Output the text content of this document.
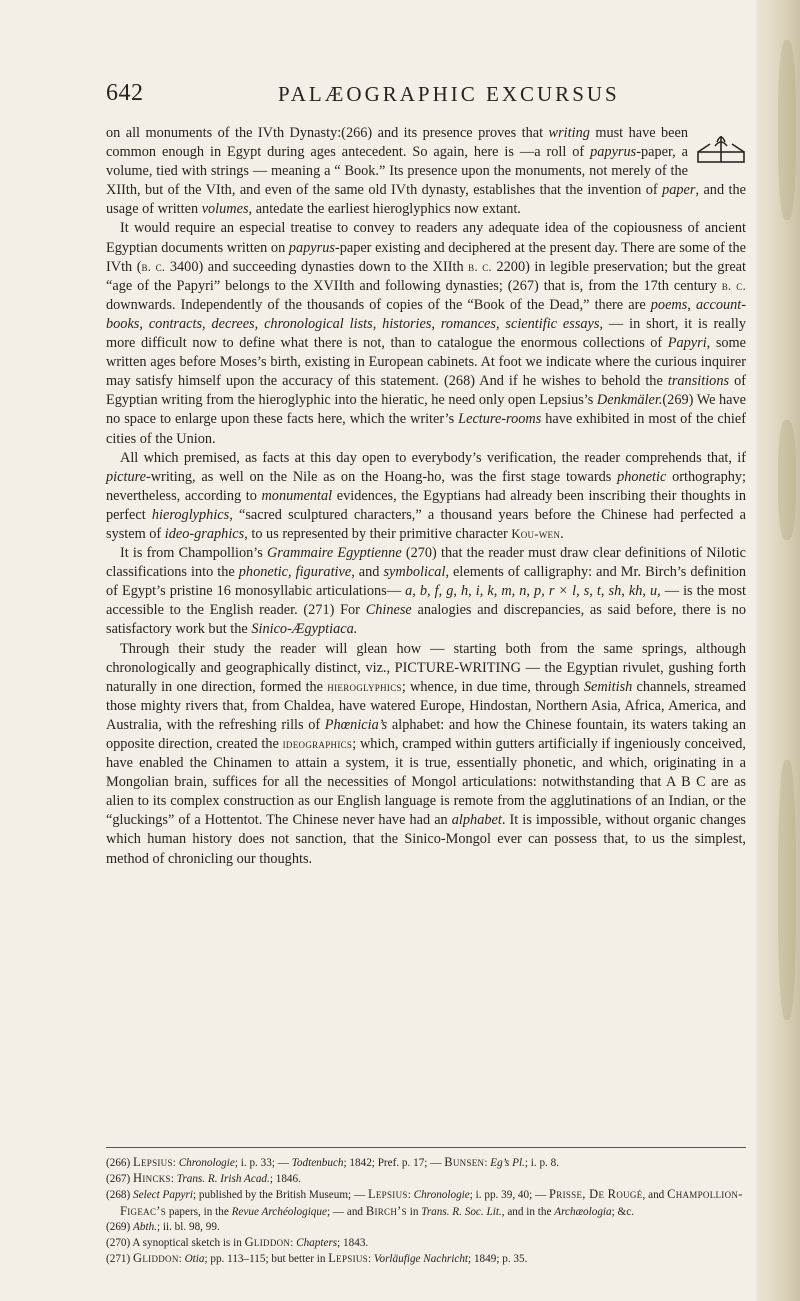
642	PALÆOGRAPHIC EXCURSUS

on all monuments of the IVth Dynasty:(266) and its presence proves that writing must have been common enough in Egypt during ages antecedent. So again, here is —a roll of papyrus-paper, a volume, tied with strings — meaning a “ Book.” Its presence upon the monuments, not merely of the XIIth, but of the VIth, and even of the same old IVth dynasty, establishes that the invention of paper, and the usage of written volumes, antedate the earliest hieroglyphics now extant.

It would require an especial treatise to convey to readers any adequate idea of the copiousness of ancient Egyptian documents written on papyrus-paper existing and deciphered at the present day. There are some of the IVth (b. c. 3400) and succeeding dynasties down to the XIIth b. c. 2200) in legible preservation; but the great “age of the Papyri” belongs to the XVIIth and following dynasties; (267) that is, from the 17th century b. c. downwards. Independently of the thousands of copies of the “Book of the Dead,” there are poems, account-books, contracts, decrees, chronological lists, histories, romances, scientific essays, — in short, it is really more difficult now to define what there is not, than to catalogue the enormous collections of Papyri, some written ages before Moses’s birth, existing in European cabinets. At foot we indicate where the curious inquirer may satisfy himself upon the accuracy of this statement. (268) And if he wishes to behold the transitions of Egyptian writing from the hieroglyphic into the hieratic, he need only open Lepsius’s Denkmäler.(269) We have no space to enlarge upon these facts here, which the writer’s Lecture-rooms have exhibited in most of the chief cities of the Union.

All which premised, as facts at this day open to everybody’s verification, the reader comprehends that, if picture-writing, as well on the Nile as on the Hoang-ho, was the first stage towards phonetic orthography; nevertheless, according to monumental evidences, the Egyptians had already been inscribing their thoughts in perfect hieroglyphics, “sacred sculptured characters,” a thousand years before the Chinese had perfected a system of ideo-graphics, to us represented by their primitive character Kou-wen.

It is from Champollion’s Grammaire Egyptienne (270) that the reader must draw clear definitions of Nilotic classifications into the phonetic, figurative, and symbolical, elements of calligraphy: and Mr. Birch’s definition of Egypt’s pristine 16 monosyllabic articulations— a, b, f, g, h, i, k, m, n, p, r × l, s, t, sh, kh, u, — is the most accessible to the English reader. (271) For Chinese analogies and discrepancies, as said before, there is no satisfactory work but the Sinico-Ægyptiaca.

Through their study the reader will glean how — starting both from the same springs, although chronologically and geographically distinct, viz., PICTURE-WRITING — the Egyptian rivulet, gushing forth naturally in one direction, formed the hieroglyphics; whence, in due time, through Semitish channels, streamed those mighty rivers that, from Chaldea, have watered Europe, Hindostan, Northern Asia, Africa, America, and Australia, with the refreshing rills of Phœnicia’s alphabet: and how the Chinese fountain, its waters taking an opposite direction, created the ideographics; which, cramped within gutters artificially if ingeniously conceived, have enabled the Chinamen to attain a system, it is true, essentially phonetic, and which, originating in a Mongolian brain, suffices for all the necessities of Mongol articulations: notwithstanding that A B C are as alien to its complex construction as our English language is remote from the agglutinations of an Indian, or the “gluckings” of a Hottentot. The Chinese never have had an alphabet. It is impossible, without organic changes which human history does not sanction, that the Sinico-Mongol ever can possess that, to us the simplest, method of chronicling our thoughts.

(266) Lepsius: Chronologie; i. p. 33; — Todtenbuch; 1842; Pref. p. 17; — Bunsen: Eg’s Pl.; i. p. 8.

(267) Hincks: Trans. R. Irish Acad.; 1846.

(268) Select Papyri; published by the British Museum; — Lepsius: Chronologie; i. pp. 39, 40; — Prisse, De Rougé, and Champollion-Figeac’s papers, in the Revue Archéologique; — and Birch’s in Trans. R. Soc. Lit., and in the Archæologia; &c.

(269) Abth.; ii. bl. 98, 99.

(270) A synoptical sketch is in Gliddon: Chapters; 1843.

(271) Gliddon: Otia; pp. 113–115; but better in Lepsius: Vorläufige Nachricht; 1849; p. 35.
